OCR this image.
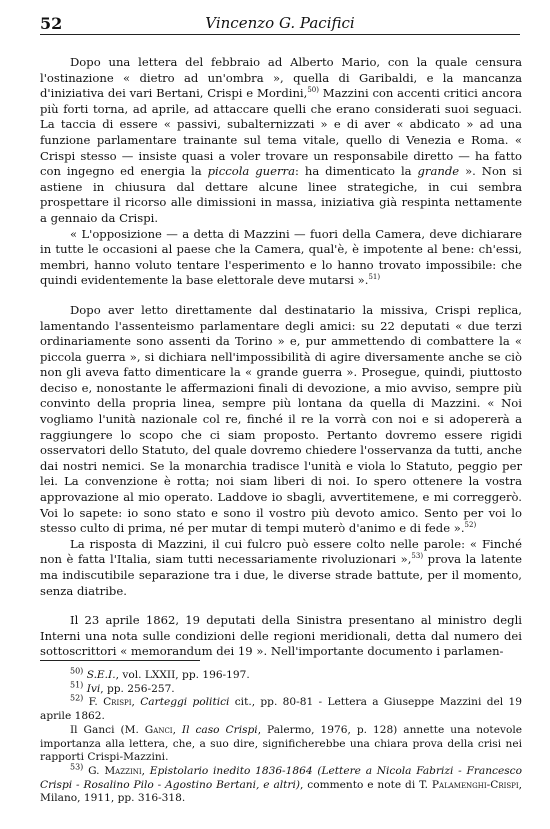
52	Vincenzo G. Pacifici

Dopo una lettera del febbraio ad Alberto Mario, con la quale censura l'ostinazione « dietro ad un'ombra », quella di Garibaldi, e la mancanza d'iniziativa dei vari Bertani, Crispi e Mordini,$^{50)}$ Mazzini con accenti critici ancora più forti torna, ad aprile, ad attaccare quelli che erano considerati suoi seguaci. La taccia di essere « passivi, subalternizzati » e di aver « abdicato » ad una funzione parlamentare trainante sul tema vitale, quello di Venezia e Roma. « Crispi stesso — insiste quasi a voler trovare un responsabile diretto — ha fatto con ingegno ed energia la piccola guerra: ha dimenticato la grande ». Non si astiene in chiusura dal dettare alcune linee strategiche, in cui sembra prospettare il ricorso alle dimissioni in massa, iniziativa già respinta nettamente a gennaio da Crispi.

« L'opposizione — a detta di Mazzini — fuori della Camera, deve dichiarare in tutte le occasioni al paese che la Camera, qual'è, è impotente al bene: ch'essi, membri, hanno voluto tentare l'esperimento e lo hanno trovato impossibile: che quindi evidentemente la base elettorale deve mutarsi ».$^{51)}$

Dopo aver letto direttamente dal destinatario la missiva, Crispi replica, lamentando l'assenteismo parlamentare degli amici: su 22 deputati « due terzi ordinariamente sono assenti da Torino » e, pur ammettendo di combattere la « piccola guerra », si dichiara nell'impossibilità di agire diversamente anche se ciò non gli aveva fatto dimenticare la « grande guerra ». Prosegue, quindi, piuttosto deciso e, nonostante le affermazioni finali di devozione, a mio avviso, sempre più convinto della propria linea, sempre più lontana da quella di Mazzini. « Noi vogliamo l'unità nazionale col re, finché il re la vorrà con noi e si adopererà a raggiungere lo scopo che ci siam proposto. Pertanto dovremo essere rigidi osservatori dello Statuto, del quale dovremo chiedere l'osservanza da tutti, anche dai nostri nemici. Se la monarchia tradisce l'unità e viola lo Statuto, peggio per lei. La convenzione è rotta; noi siam liberi di noi. Io spero ottenere la vostra approvazione al mio operato. Laddove io sbagli, avvertitemene, e mi correggerò. Voi lo sapete: io sono stato e sono il vostro più devoto amico. Sento per voi lo stesso culto di prima, né per mutar di tempi muterò d'animo e di fede ».$^{52)}$

La risposta di Mazzini, il cui fulcro può essere colto nelle parole: « Finché non è fatta l'Italia, siam tutti necessariamente rivoluzionari »,$^{53)}$ prova la latente ma indiscutibile separazione tra i due, le diverse strade battute, per il momento, senza diatribe.

Il 23 aprile 1862, 19 deputati della Sinistra presentano al ministro degli Interni una nota sulle condizioni delle regioni meridionali, detta dal numero dei sottoscrittori « memorandum dei 19 ». Nell'importante documento i parlamen-

$^{50)}$ S.E.I., vol. LXXII, pp. 196-197.

$^{51)}$ Ivi, pp. 256-257.

$^{52)}$ F. Crispi, Carteggi politici cit., pp. 80-81 - Lettera a Giuseppe Mazzini del 19 aprile 1862.

Il Ganci (M. Ganci, Il caso Crispi, Palermo, 1976, p. 128) annette una notevole importanza alla lettera, che, a suo dire, significherebbe una chiara prova della crisi nei rapporti Crispi-Mazzini.

$^{53)}$ G. Mazzini, Epistolario inedito 1836-1864 (Lettere a Nicola Fabrizi - Francesco Crispi - Rosalino Pilo - Agostino Bertani, e altri), commento e note di T. Palamenghi-Crispi, Milano, 1911, pp. 316-318.
